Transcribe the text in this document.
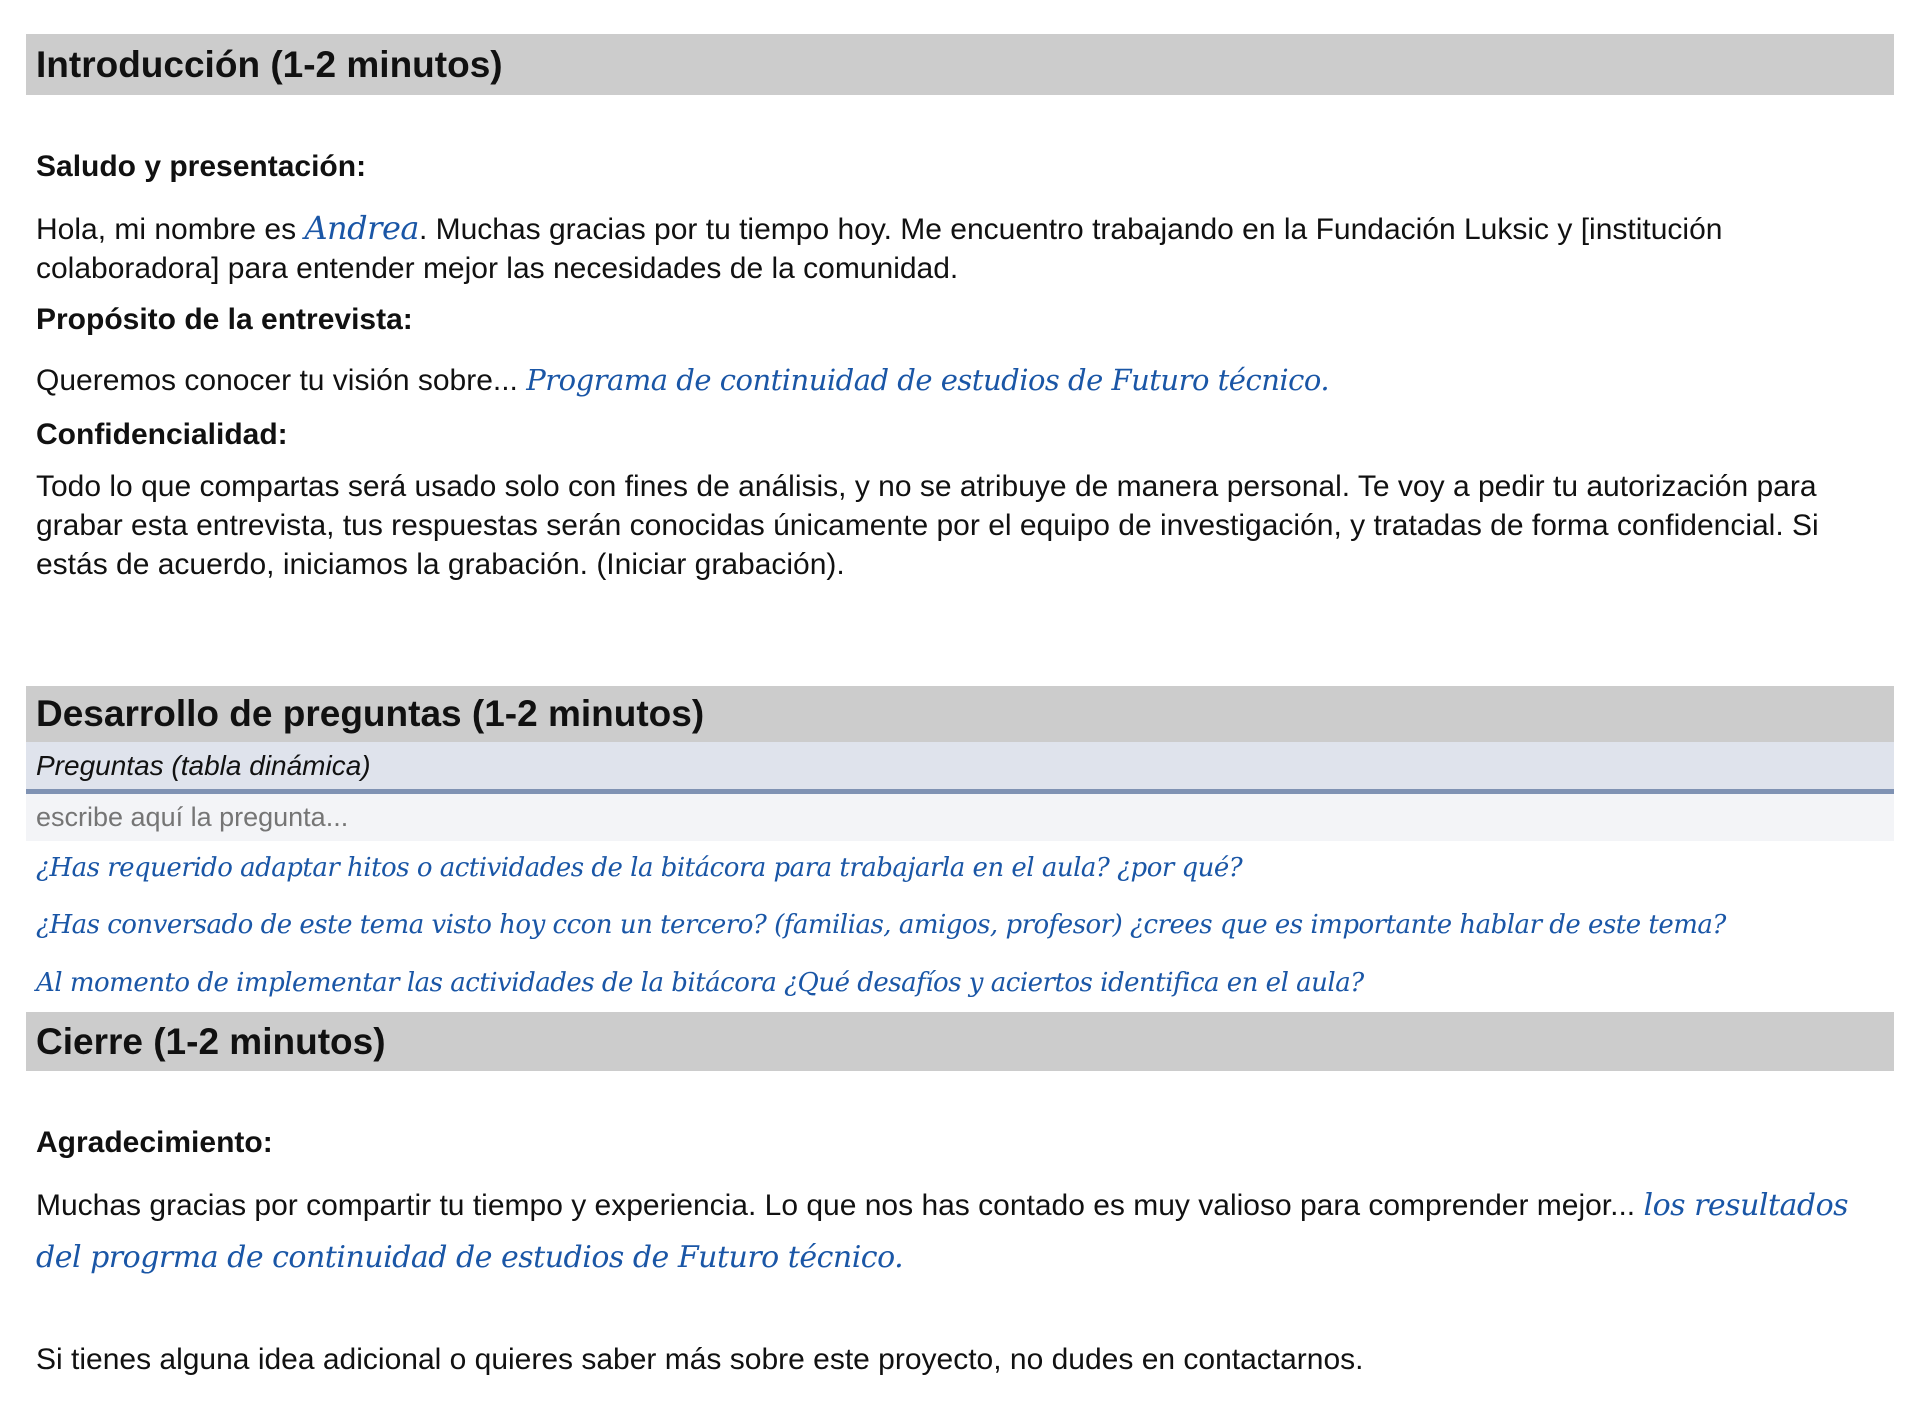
Introducción (1-2 minutos)
Saludo y presentación:
Hola, mi nombre es Andrea. Muchas gracias por tu tiempo hoy. Me encuentro trabajando en la Fundación Luksic y [institución colaboradora] para entender mejor las necesidades de la comunidad.
Propósito de la entrevista:
Queremos conocer tu visión sobre... Programa de continuidad de estudios de Futuro técnico.
Confidencialidad:
Todo lo que compartas será usado solo con fines de análisis, y no se atribuye de manera personal. Te voy a pedir tu autorización para grabar esta entrevista, tus respuestas serán conocidas únicamente por el equipo de investigación, y tratadas de forma confidencial. Si estás de acuerdo, iniciamos la grabación. (Iniciar grabación).
Desarrollo de preguntas (1-2 minutos)
Preguntas (tabla dinámica)
escribe aquí la pregunta...
¿Has requerido adaptar hitos o actividades de la bitácora para trabajarla en el aula? ¿por qué?
¿Has conversado de este tema visto hoy ccon un tercero? (familias, amigos, profesor) ¿crees que es importante hablar de este tema?
Al momento de implementar las actividades de la bitácora ¿Qué desafíos y aciertos identifica en el aula?
Cierre (1-2 minutos)
Agradecimiento:
Muchas gracias por compartir tu tiempo y experiencia. Lo que nos has contado es muy valioso para comprender mejor... los resultados del progrma de continuidad de estudios de Futuro técnico.
Si tienes alguna idea adicional o quieres saber más sobre este proyecto, no dudes en contactarnos.
